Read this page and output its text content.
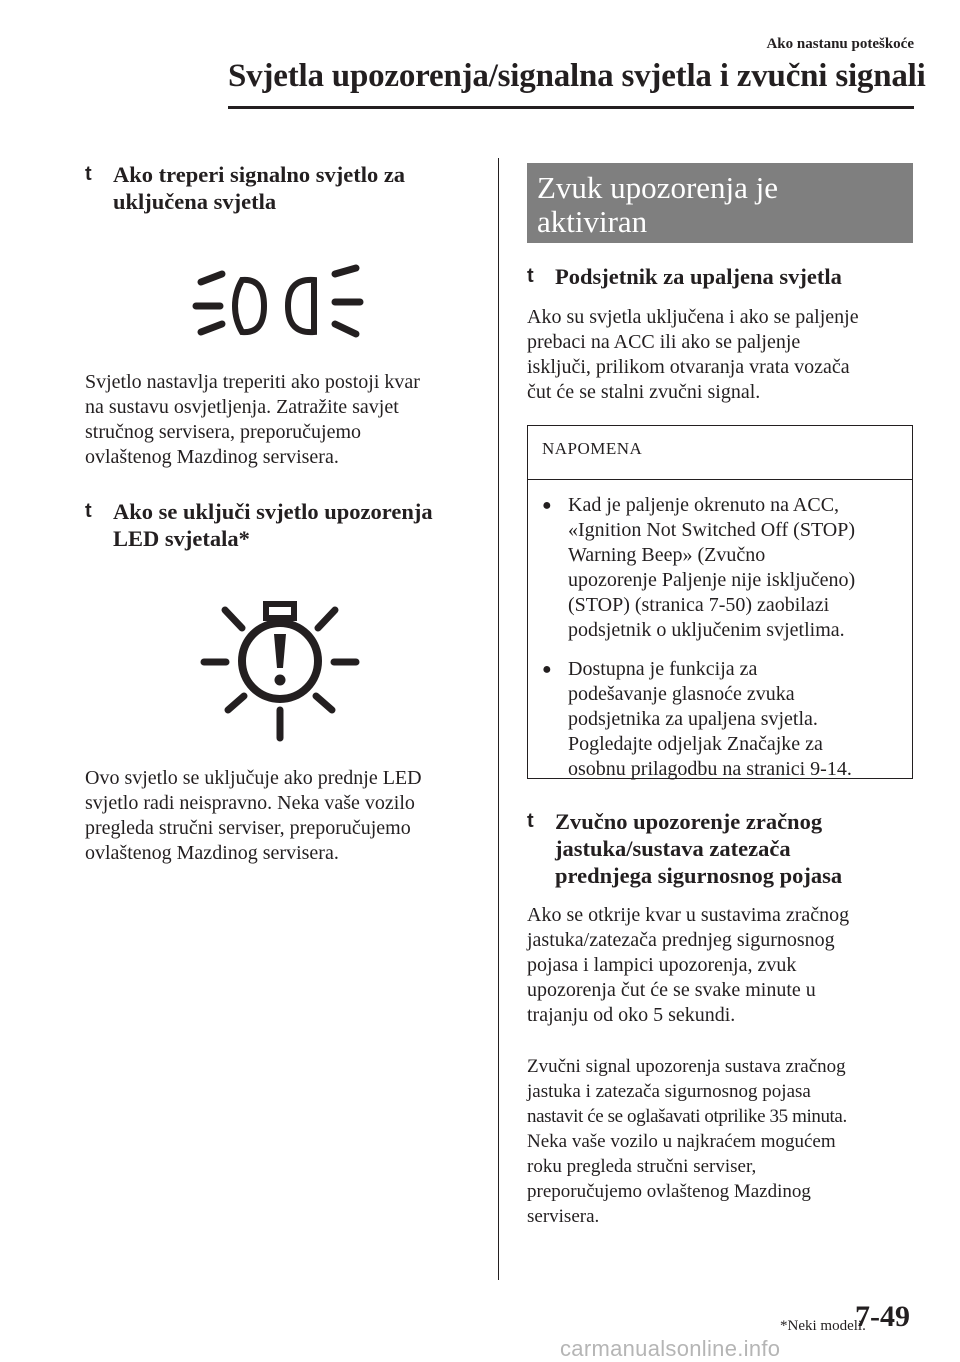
Ako nastanu poteškoće
Svjetla upozorenja/signalna svjetla i zvučni signali
t Ako treperi signalno svjetlo za
uključena svjetla
Svjetlo nastavlja treperiti ako postoji kvar
na sustavu osvjetljenja. Zatražite savjet
stručnog servisera, preporučujemo
ovlaštenog Mazdinog servisera.
t Ako se uključi svjetlo upozorenja
LED svjetala*
Ovo svjetlo se uključuje ako prednje LED
svjetlo radi neispravno. Neka vaše vozilo
pregleda stručni serviser, preporučujemo
ovlaštenog Mazdinog servisera.
Zvuk upozorenja je
aktiviran
t Podsjetnik za upaljena svjetla
Ako su svjetla uključena i ako se paljenje
prebaci na ACC ili ako se paljenje
isključi, prilikom otvaranja vrata vozača
čut će se stalni zvučni signal.
NAPOMENA
● Kad je paljenje okrenuto na ACC,
«Ignition Not Switched Off (STOP)
Warning Beep» (Zvučno
upozorenje Paljenje nije isključeno)
(STOP) (stranica 7-50) zaobilazi
podsjetnik o uključenim svjetlima.
● Dostupna je funkcija za
podešavanje glasnoće zvuka
podsjetnika za upaljena svjetla.
Pogledajte odjeljak Značajke za
osobnu prilagodbu na stranici 9-14.
t Zvučno upozorenje zračnog
jastuka/sustava zatezača
prednjega sigurnosnog pojasa
Ako se otkrije kvar u sustavima zračnog
jastuka/zatezača prednjeg sigurnosnog
pojasa i lampici upozorenja, zvuk
upozorenja čut će se svake minute u
trajanju od oko 5 sekundi.
Zvučni signal upozorenja sustava zračnog
jastuka i zatezača sigurnosnog pojasa
nastavit će se oglašavati otprilike 35 minuta.
Neka vaše vozilo u najkraćem mogućem
roku pregleda stručni serviser,
preporučujemo ovlaštenog Mazdinog
servisera.
*Neki modeli.
7-49
carmanualsonline.info
